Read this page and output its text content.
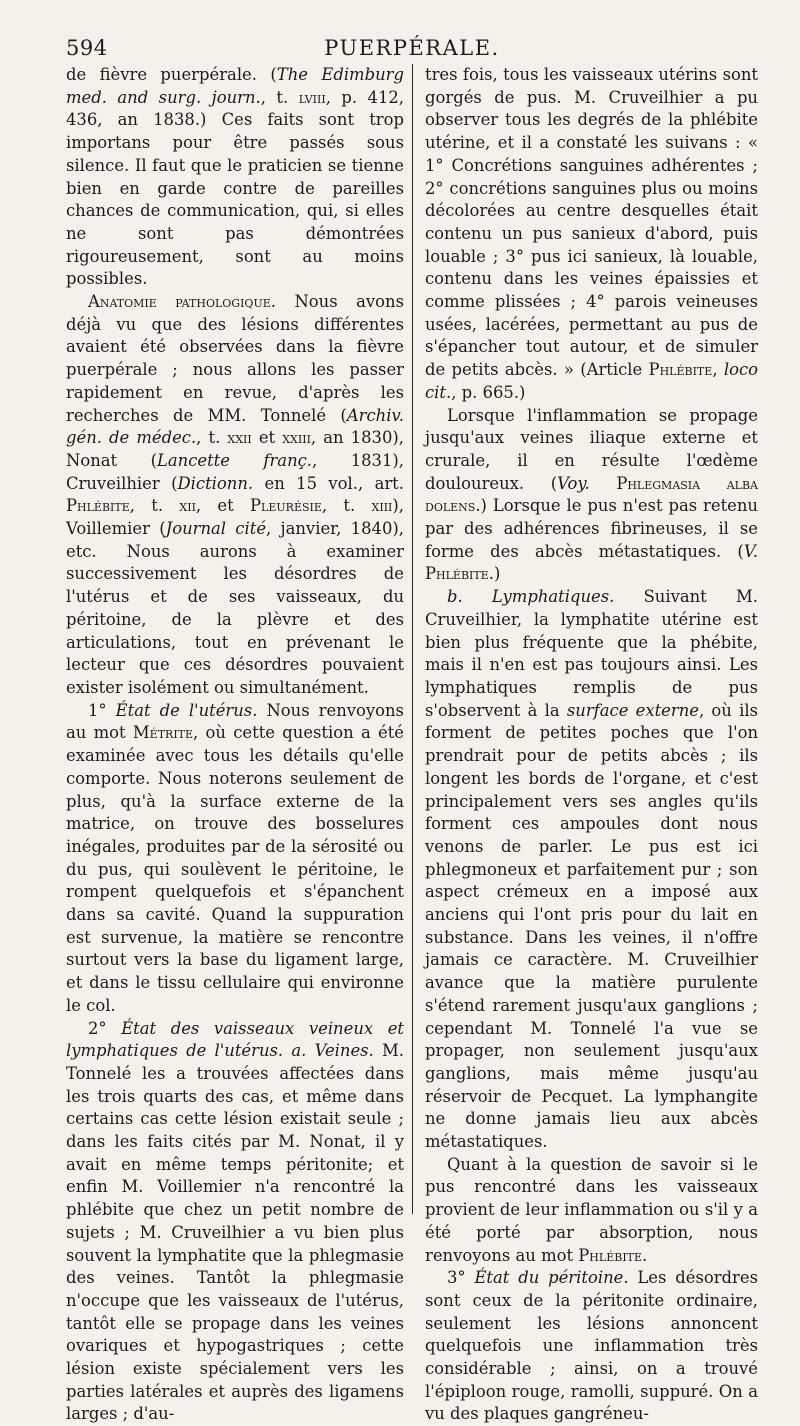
594	PUERPÉRALE.

de fièvre puerpérale. (The Edimburg med. and surg. journ., t. lviii, p. 412, 436, an 1838.) Ces faits sont trop importans pour être passés sous silence. Il faut que le praticien se tienne bien en garde contre de pareilles chances de communication, qui, si elles ne sont pas démontrées rigoureusement, sont au moins possibles.

Anatomie pathologique. Nous avons déjà vu que des lésions différentes avaient été observées dans la fièvre puerpérale ; nous allons les passer rapidement en revue, d'après les recherches de MM. Tonnelé (Archiv. gén. de médec., t. xxii et xxiii, an 1830), Nonat (Lancette franç., 1831), Cruveilhier (Dictionn. en 15 vol., art. Phlébite, t. xii, et Pleurésie, t. xiii), Voillemier (Journal cité, janvier, 1840), etc. Nous aurons à examiner successivement les désordres de l'utérus et de ses vaisseaux, du péritoine, de la plèvre et des articulations, tout en prévenant le lecteur que ces désordres pouvaient exister isolément ou simultanément.

1° État de l'utérus. Nous renvoyons au mot Métrite, où cette question a été examinée avec tous les détails qu'elle comporte. Nous noterons seulement de plus, qu'à la surface externe de la matrice, on trouve des bosselures inégales, produites par de la sérosité ou du pus, qui soulèvent le péritoine, le rompent quelquefois et s'épanchent dans sa cavité. Quand la suppuration est survenue, la matière se rencontre surtout vers la base du ligament large, et dans le tissu cellulaire qui environne le col.

2° État des vaisseaux veineux et lymphatiques de l'utérus. a. Veines. M. Tonnelé les a trouvées affectées dans les trois quarts des cas, et même dans certains cas cette lésion existait seule ; dans les faits cités par M. Nonat, il y avait en même temps péritonite; et enfin M. Voillemier n'a rencontré la phlébite que chez un petit nombre de sujets ; M. Cruveilhier a vu bien plus souvent la lymphatite que la phlegmasie des veines. Tantôt la phlegmasie n'occupe que les vaisseaux de l'utérus, tantôt elle se propage dans les veines ovariques et hypogastriques ; cette lésion existe spécialement vers les parties latérales et auprès des ligamens larges ; d'au-

tres fois, tous les vaisseaux utérins sont gorgés de pus. M. Cruveilhier a pu observer tous les degrés de la phlébite utérine, et il a constaté les suivans : « 1° Concrétions sanguines adhérentes ; 2° concrétions sanguines plus ou moins décolorées au centre desquelles était contenu un pus sanieux d'abord, puis louable ; 3° pus ici sanieux, là louable, contenu dans les veines épaissies et comme plissées ; 4° parois veineuses usées, lacérées, permettant au pus de s'épancher tout autour, et de simuler de petits abcès. » (Article Phlébite, loco cit., p. 665.)

Lorsque l'inflammation se propage jusqu'aux veines iliaque externe et crurale, il en résulte l'œdème douloureux. (Voy. Phlegmasia alba dolens.) Lorsque le pus n'est pas retenu par des adhérences fibrineuses, il se forme des abcès métastatiques. (V. Phlébite.)

b. Lymphatiques. Suivant M. Cruveilhier, la lymphatite utérine est bien plus fréquente que la phébite, mais il n'en est pas toujours ainsi. Les lymphatiques remplis de pus s'observent à la surface externe, où ils forment de petites poches que l'on prendrait pour de petits abcès ; ils longent les bords de l'organe, et c'est principalement vers ses angles qu'ils forment ces ampoules dont nous venons de parler. Le pus est ici phlegmoneux et parfaitement pur ; son aspect crémeux en a imposé aux anciens qui l'ont pris pour du lait en substance. Dans les veines, il n'offre jamais ce caractère. M. Cruveilhier avance que la matière purulente s'étend rarement jusqu'aux ganglions ; cependant M. Tonnelé l'a vue se propager, non seulement jusqu'aux ganglions, mais même jusqu'au réservoir de Pecquet. La lymphangite ne donne jamais lieu aux abcès métastatiques.

Quant à la question de savoir si le pus rencontré dans les vaisseaux provient de leur inflammation ou s'il y a été porté par absorption, nous renvoyons au mot Phlébite.

3° État du péritoine. Les désordres sont ceux de la péritonite ordinaire, seulement les lésions annoncent quelquefois une inflammation très considérable ; ainsi, on a trouvé l'épiploon rouge, ramolli, suppuré. On a vu des plaques gangréneu-
